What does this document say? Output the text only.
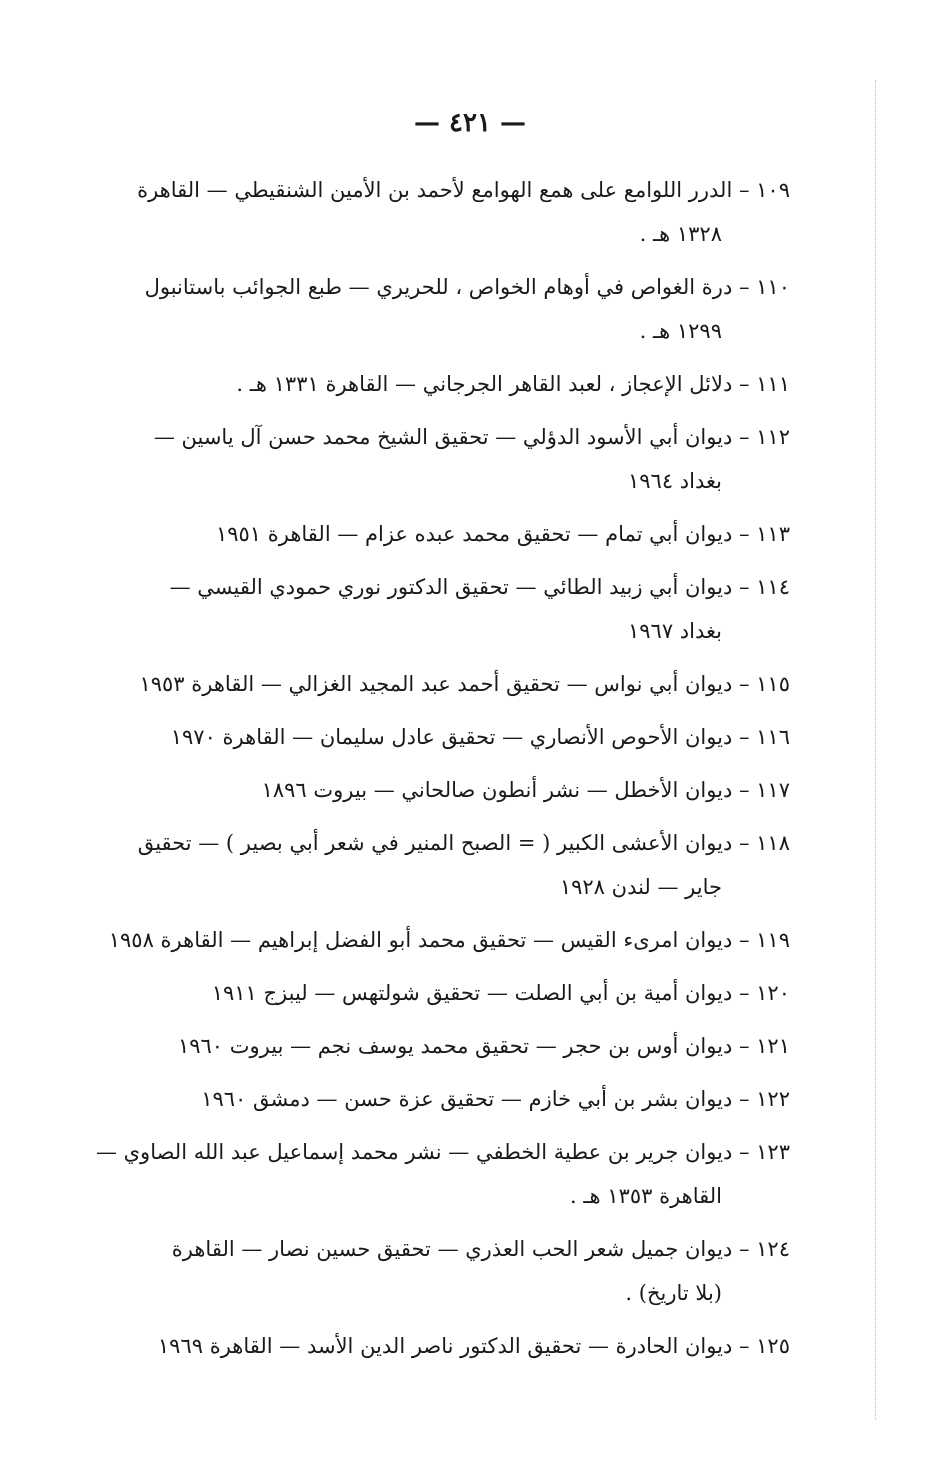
— ٤٢١ —
١٠٩ – الدرر اللوامع على همع الهوامع لأحمد بن الأمين الشنقيطي — القاهرة
١٣٢٨ هـ .
١١٠ – درة الغواص في أوهام الخواص ، للحريري — طبع الجوائب باستانبول
١٢٩٩ هـ .
١١١ – دلائل الإعجاز ، لعبد القاهر الجرجاني — القاهرة ١٣٣١ هـ .
١١٢ – ديوان أبي الأسود الدؤلي — تحقيق الشيخ محمد حسن آل ياسين —
بغداد ١٩٦٤
١١٣ – ديوان أبي تمام — تحقيق محمد عبده عزام — القاهرة ١٩٥١
١١٤ – ديوان أبي زبيد الطائي — تحقيق الدكتور نوري حمودي القيسي —
بغداد ١٩٦٧
١١٥ – ديوان أبي نواس — تحقيق أحمد عبد المجيد الغزالي — القاهرة ١٩٥٣
١١٦ – ديوان الأحوص الأنصاري — تحقيق عادل سليمان — القاهرة ١٩٧٠
١١٧ – ديوان الأخطل — نشر أنطون صالحاني — بيروت ١٨٩٦
١١٨ – ديوان الأعشى الكبير ( = الصبح المنير في شعر أبي بصير ) — تحقيق
جاير — لندن ١٩٢٨
١١٩ – ديوان امرىء القيس — تحقيق محمد أبو الفضل إبراهيم — القاهرة ١٩٥٨
١٢٠ – ديوان أمية بن أبي الصلت — تحقيق شولتهس — ليبزج ١٩١١
١٢١ – ديوان أوس بن حجر — تحقيق محمد يوسف نجم — بيروت ١٩٦٠
١٢٢ – ديوان بشر بن أبي خازم — تحقيق عزة حسن — دمشق ١٩٦٠
١٢٣ – ديوان جرير بن عطية الخطفي — نشر محمد إسماعيل عبد الله الصاوي —
القاهرة ١٣٥٣ هـ .
١٢٤ – ديوان جميل شعر الحب العذري — تحقيق حسين نصار — القاهرة
(بلا تاريخ) .
١٢٥ – ديوان الحادرة — تحقيق الدكتور ناصر الدين الأسد — القاهرة ١٩٦٩
